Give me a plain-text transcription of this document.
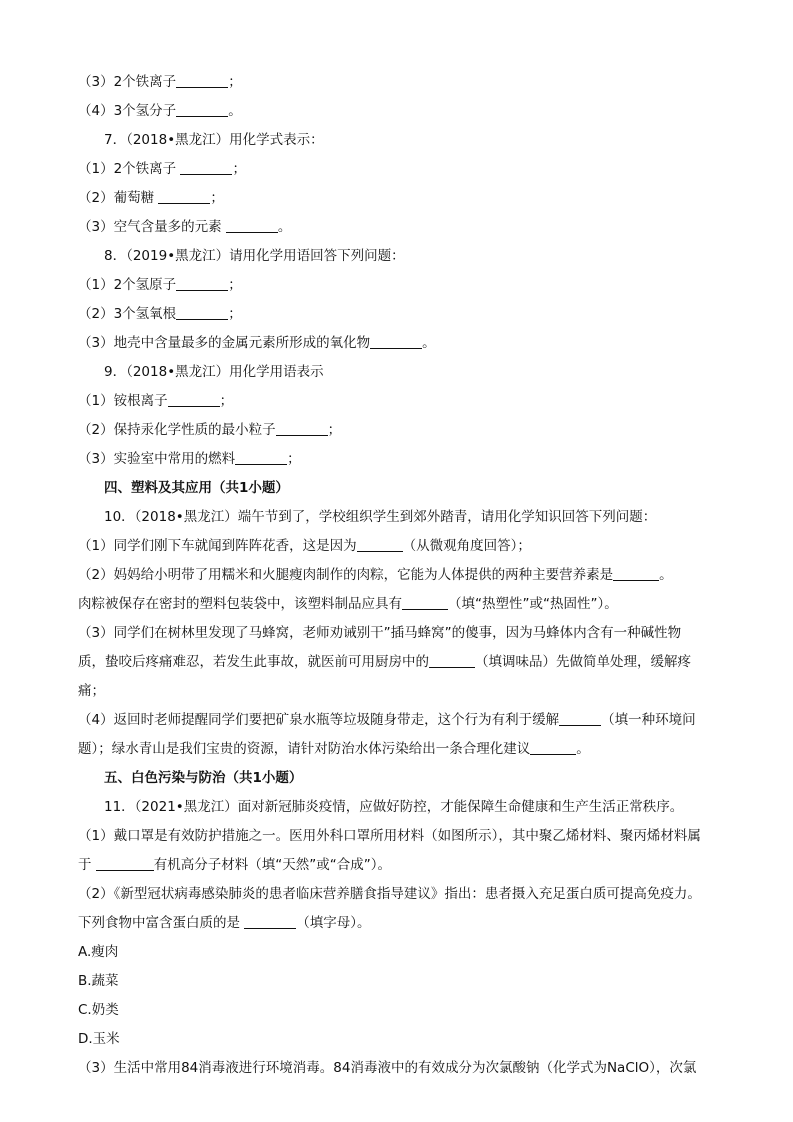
（3）2个铁离子	；
（4）3个氢分子	。
7．（2018•黑龙江）用化学式表示：
（1）2个铁离子	；
（2）葡萄糖	；
（3）空气含量多的元素	。
8．（2019•黑龙江）请用化学用语回答下列问题：
（1）2个氢原子	；
（2）3个氢氧根	；
（3）地壳中含量最多的金属元素所形成的氧化物	。
9．（2018•黑龙江）用化学用语表示
（1）铵根离子	；
（2）保持汞化学性质的最小粒子	；
（3）实验室中常用的燃料	；
四、塑料及其应用（共1小题）
10．（2018•黑龙江）端午节到了，学校组织学生到郊外踏青，请用化学知识回答下列问题：
（1）同学们刚下车就闻到阵阵花香，这是因为	（从微观角度回答）；
（2）妈妈给小明带了用糯米和火腿瘦肉制作的肉粽，它能为人体提供的两种主要营养素是	。
肉粽被保存在密封的塑料包装袋中，该塑料制品应具有	（填“热塑性”或“热固性”）。
（3）同学们在树林里发现了马蜂窝，老师劝诫别干”插马蜂窝”的傻事，因为马蜂体内含有一种碱性物
质，蛰咬后疼痛难忍，若发生此事故，就医前可用厨房中的	（填调味品）先做简单处理，缓解疼
痛；
（4）返回时老师提醒同学们要把矿泉水瓶等垃圾随身带走，这个行为有利于缓解	（填一种环境问
题）；绿水青山是我们宝贵的资源，请针对防治水体污染给出一条合理化建议	。
五、白色污染与防治（共1小题）
11．（2021•黑龙江）面对新冠肺炎疫情，应做好防控，才能保障生命健康和生产生活正常秩序。
（1）戴口罩是有效防护措施之一。医用外科口罩所用材料（如图所示），其中聚乙烯材料、聚丙烯材料属
于	有机高分子材料（填“天然”或“合成”）。
（2）《新型冠状病毒感染肺炎的患者临床营养膳食指导建议》指出：患者摄入充足蛋白质可提高免疫力。
下列食物中富含蛋白质的是	（填字母）。
A.瘦肉
B.蔬菜
C.奶类
D.玉米
（3）生活中常用84消毒液进行环境消毒。84消毒液中的有效成分为次氯酸钠（化学式为NaClO），次氯
